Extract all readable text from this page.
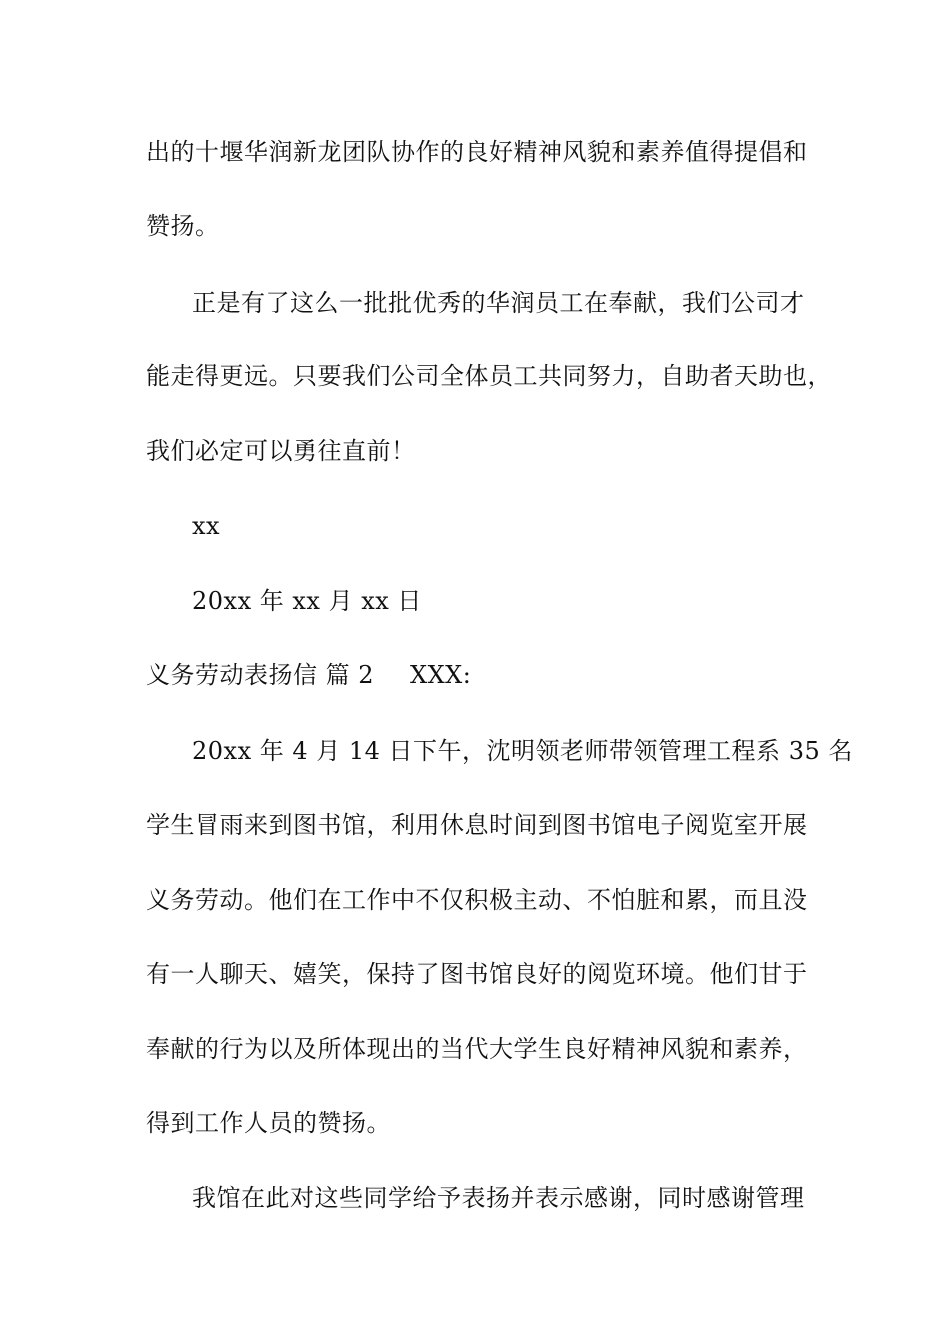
出的十堰华润新龙团队协作的良好精神风貌和素养值得提倡和
赞扬。
正是有了这么一批批优秀的华润员工在奉献，我们公司才
能走得更远。只要我们公司全体员工共同努力，自助者天助也，
我们必定可以勇往直前！
xx
20xx 年 xx 月 xx 日
义务劳动表扬信 篇 2 XXX:
20xx 年 4 月 14 日下午，沈明领老师带领管理工程系 35 名
学生冒雨来到图书馆，利用休息时间到图书馆电子阅览室开展
义务劳动。他们在工作中不仅积极主动、不怕脏和累，而且没
有一人聊天、嬉笑，保持了图书馆良好的阅览环境。他们甘于
奉献的行为以及所体现出的当代大学生良好精神风貌和素养，
得到工作人员的赞扬。
我馆在此对这些同学给予表扬并表示感谢，同时感谢管理
